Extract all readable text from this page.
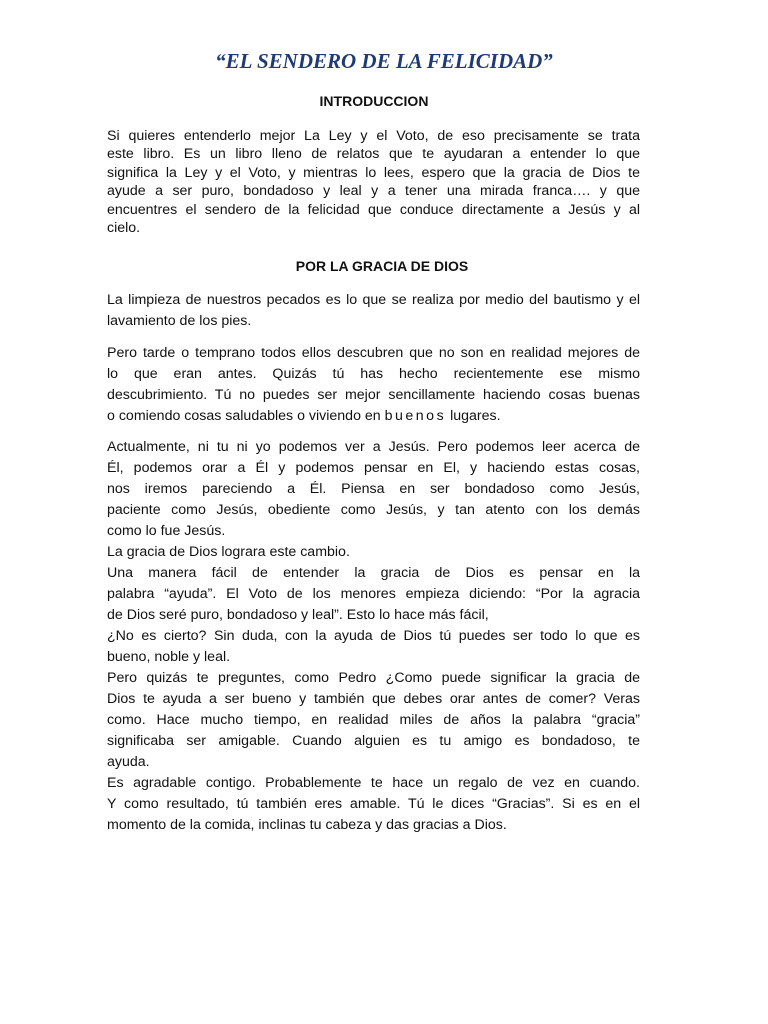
“EL SENDERO DE LA FELICIDAD”
INTRODUCCION
Si quieres entenderlo mejor La Ley y el Voto, de eso precisamente se trata
este libro. Es un libro lleno de relatos que te ayudaran a entender lo que
significa la Ley y el Voto, y mientras lo lees, espero que la gracia de Dios te
ayude a ser puro, bondadoso y leal y a tener una mirada franca…. y que
encuentres el sendero de la felicidad que conduce directamente a Jesús y al
cielo.
POR LA GRACIA DE DIOS
La limpieza de nuestros pecados es lo que se realiza por medio del bautismo y el
lavamiento de los pies.
Pero tarde o temprano todos ellos descubren que no son en realidad mejores de
lo que eran antes. Quizás tú has hecho recientemente ese mismo
descubrimiento. Tú no puedes ser mejor sencillamente haciendo cosas buenas
o comiendo cosas saludables o viviendo en buenos lugares.
Actualmente, ni tu ni yo podemos ver a Jesús. Pero podemos leer acerca de
Él, podemos orar a Él y podemos pensar en El, y haciendo estas cosas,
nos iremos pareciendo a Él. Piensa en ser bondadoso como Jesús,
paciente como Jesús, obediente como Jesús, y tan atento con los demás
como lo fue Jesús.
La gracia de Dios lograra este cambio.
Una manera fácil de entender la gracia de Dios es pensar en la
palabra “ayuda”. El Voto de los menores empieza diciendo: “Por la agracia
de Dios seré puro, bondadoso y leal”. Esto lo hace más fácil,
¿No es cierto? Sin duda, con la ayuda de Dios tú puedes ser todo lo que es
bueno, noble y leal.
Pero quizás te preguntes, como Pedro ¿Como puede significar la gracia de
Dios te ayuda a ser bueno y también que debes orar antes de comer? Veras
como. Hace mucho tiempo, en realidad miles de años la palabra “gracia”
significaba ser amigable. Cuando alguien es tu amigo es bondadoso, te
ayuda.
Es agradable contigo. Probablemente te hace un regalo de vez en cuando.
Y como resultado, tú también eres amable. Tú le dices “Gracias”. Si es en el
momento de la comida, inclinas tu cabeza y das gracias a Dios.
